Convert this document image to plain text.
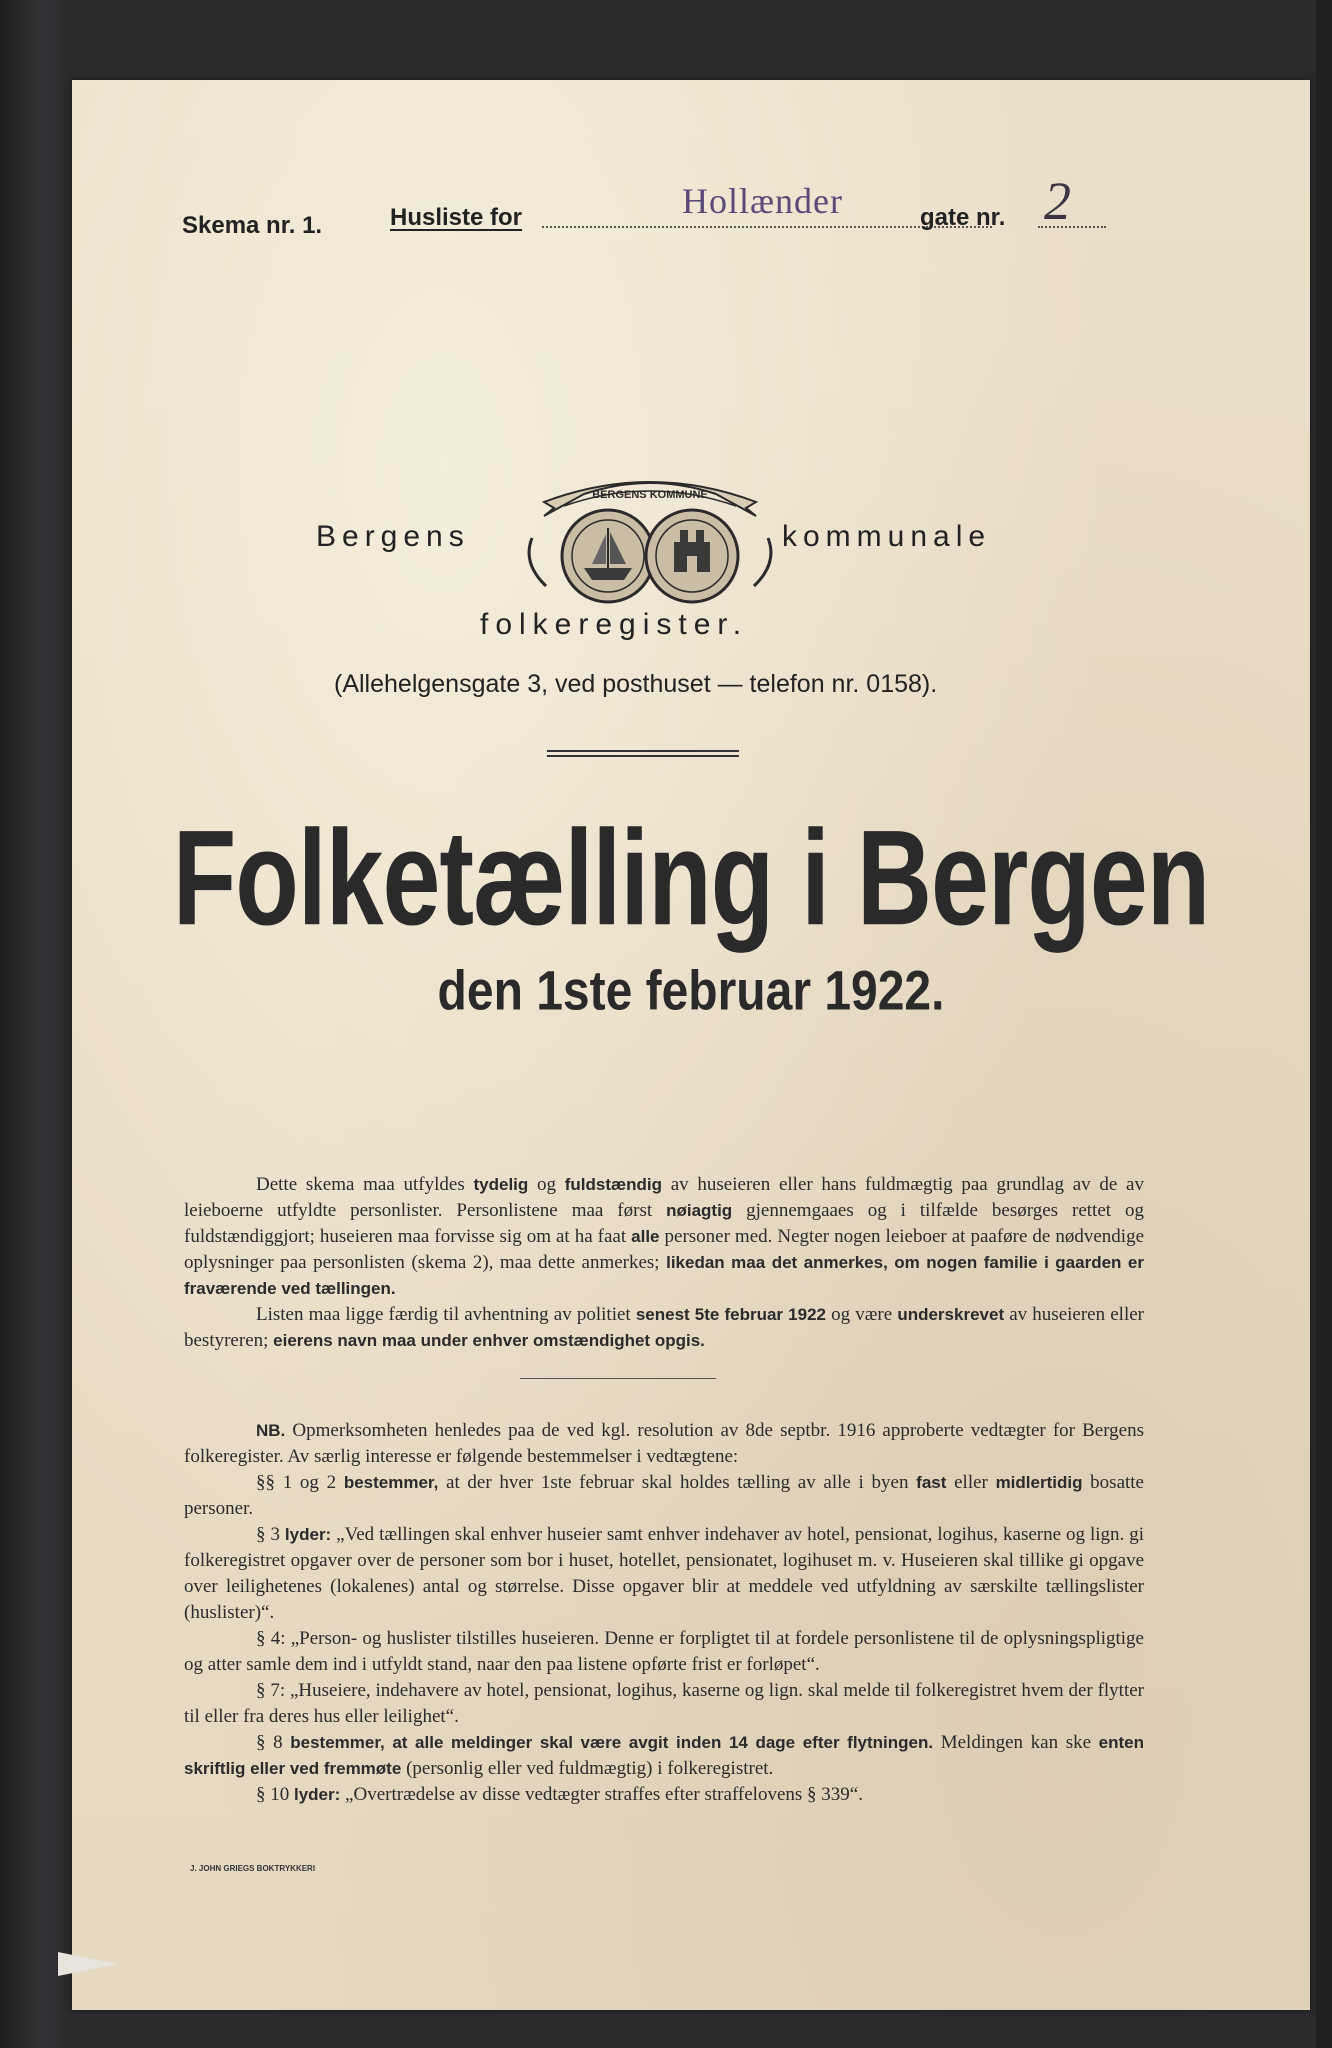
Skema nr. 1.	Husliste for	Hollænder	gate nr. 2
Bergens
BERGENS KOMMUNE
kommunale
folkeregister.
(Allehelgensgate 3, ved posthuset — telefon nr. 0158).
Folketælling i Bergen
den 1ste februar 1922.

Dette skema maa utfyldes tydelig og fuldstændig av huseieren eller hans fuldmægtig paa grundlag av de av leieboerne utfyldte personlister. Personlistene maa først nøiagtig gjennemgaaes og i tilfælde besørges rettet og fuldstændiggjort; huseieren maa forvisse sig om at ha faat alle personer med. Negter nogen leieboer at paaføre de nødvendige oplysninger paa personlisten (skema 2), maa dette anmerkes; likedan maa det anmerkes, om nogen familie i gaarden er fraværende ved tællingen.

Listen maa ligge færdig til avhentning av politiet senest 5te februar 1922 og være underskrevet av huseieren eller bestyreren; eierens navn maa under enhver omstændighet opgis.

NB. Opmerksomheten henledes paa de ved kgl. resolution av 8de septbr. 1916 approberte vedtægter for Bergens folkeregister. Av særlig interesse er følgende bestemmelser i vedtægtene:

§§ 1 og 2 bestemmer, at der hver 1ste februar skal holdes tælling av alle i byen fast eller midlertidig bosatte personer.

§ 3 lyder: „Ved tællingen skal enhver huseier samt enhver indehaver av hotel, pensionat, logihus, kaserne og lign. gi folkeregistret opgaver over de personer som bor i huset, hotellet, pensionatet, logihuset m. v. Huseieren skal tillike gi opgave over leilighetenes (lokalenes) antal og størrelse. Disse opgaver blir at meddele ved utfyldning av særskilte tællingslister (huslister)“.

§ 4: „Person- og huslister tilstilles huseieren. Denne er forpligtet til at fordele personlistene til de oplysningspligtige og atter samle dem ind i utfyldt stand, naar den paa listene opførte frist er forløpet“.

§ 7: „Huseiere, indehavere av hotel, pensionat, logihus, kaserne og lign. skal melde til folkeregistret hvem der flytter til eller fra deres hus eller leilighet“.

§ 8 bestemmer, at alle meldinger skal være avgit inden 14 dage efter flytningen. Meldingen kan ske enten skriftlig eller ved fremmøte (personlig eller ved fuldmægtig) i folkeregistret.

§ 10 lyder: „Overtrædelse av disse vedtægter straffes efter straffelovens § 339“.

J. JOHN GRIEGS BOKTRYKKERI
